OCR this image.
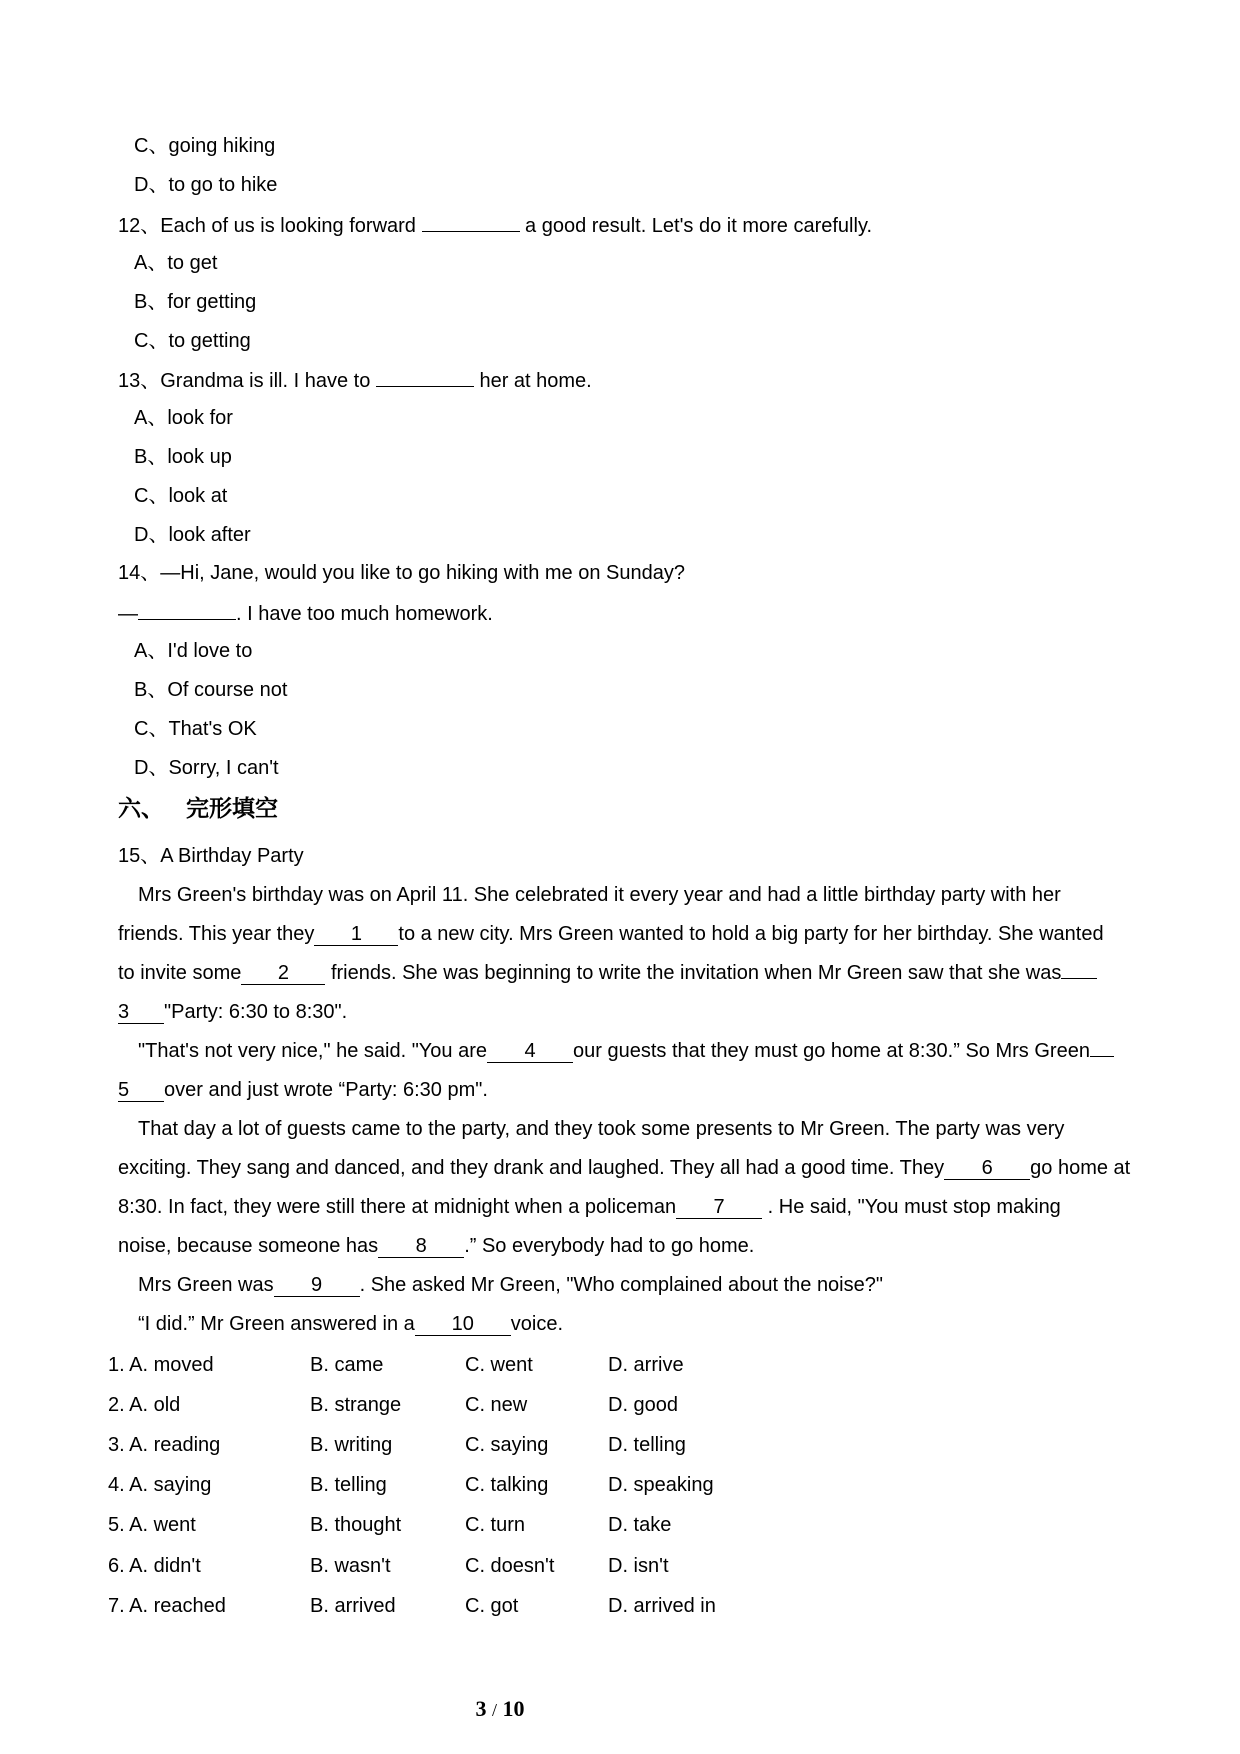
C、going hiking
D、to go to hike
12、Each of us is looking forward	a good result. Let's do it more carefully.
A、to get
B、for getting
C、to getting
13、Grandma is ill. I have to	her at home.
A、look for
B、look up
C、look at
D、look after
14、—Hi, Jane, would you like to go hiking with me on Sunday?
—	. I have too much homework.
A、I'd love to
B、Of course not
C、That's OK
D、Sorry, I can't
六、 完形填空
15、A Birthday Party
Mrs Green's birthday was on April 11. She celebrated it every year and had a little birthday party with her
friends. This year they 1 to a new city. Mrs Green wanted to hold a big party for her birthday. She wanted
to invite some 2 friends. She was beginning to write the invitation when Mr Green saw that she was
3 "Party: 6:30 to 8:30".
"That's not very nice," he said. "You are 4 our guests that they must go home at 8:30.” So Mrs Green
5 over and just wrote “Party: 6:30 pm".
That day a lot of guests came to the party, and they took some presents to Mr Green. The party was very
exciting. They sang and danced, and they drank and laughed. They all had a good time. They 6 go home at
8:30. In fact, they were still there at midnight when a policeman 7 . He said, "You must stop making
noise, because someone has 8 .” So everybody had to go home.
Mrs Green was 9 . She asked Mr Green, "Who complained about the noise?"
“I did.” Mr Green answered in a 10 voice.
1. A. moved	B. came	C. went	D. arrive
2. A. old	B. strange	C. new	D. good
3. A. reading	B. writing	C. saying	D. telling
4. A. saying	B. telling	C. talking	D. speaking
5. A. went	B. thought	C. turn	D. take
6. A. didn't	B. wasn't	C. doesn't	D. isn't
7. A. reached	B. arrived	C. got	D. arrived in
3 / 10
